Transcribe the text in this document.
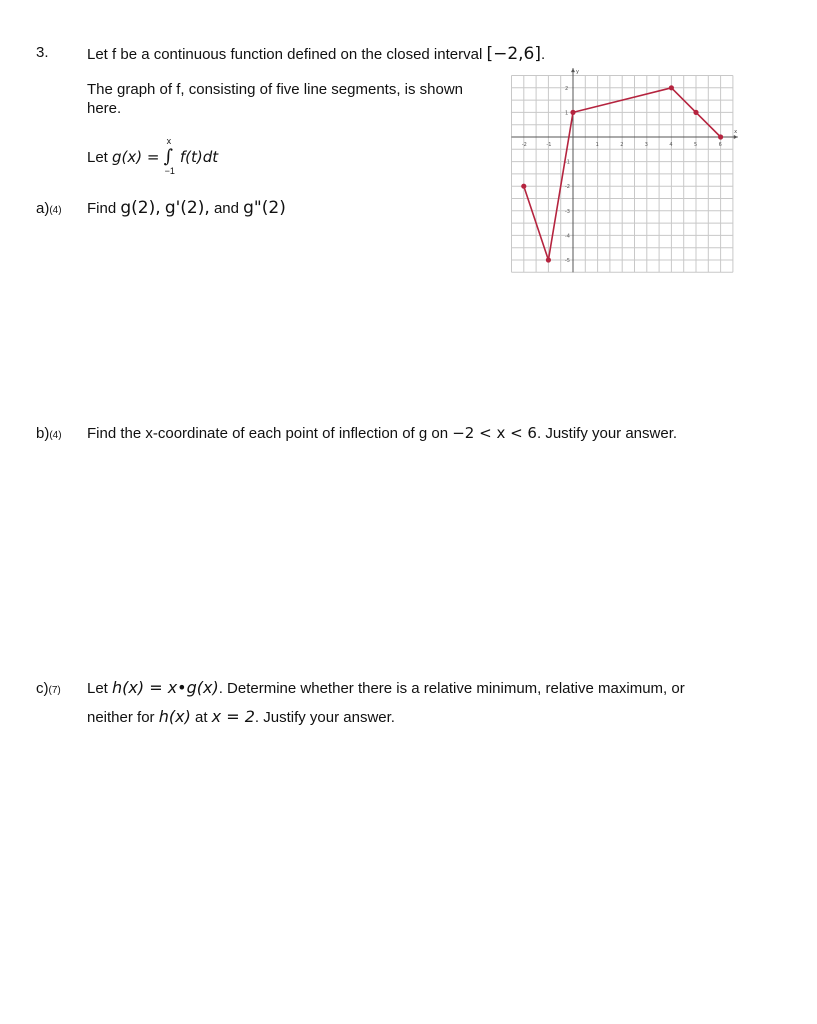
3.	Let f be a continuous function defined on the closed interval [−2,6].
The graph of f, consisting of five line segments, is shown
here.
Let g(x) =
x
∫
−1
f(t)dt
a)(4) Find g(2), g'(2), and g"(2)
b)(4) Find the x-coordinate of each point of inflection of g on −2 < x < 6. Justify your answer.
c)(7) Let h(x) = x•g(x). Determine whether there is a relative minimum, relative maximum, or
neither for h(x) at x = 2. Justify your answer.
x
y
-2	-1	1	2	3	4	5	6
2
1
-1
-2
-3
-4
-5
